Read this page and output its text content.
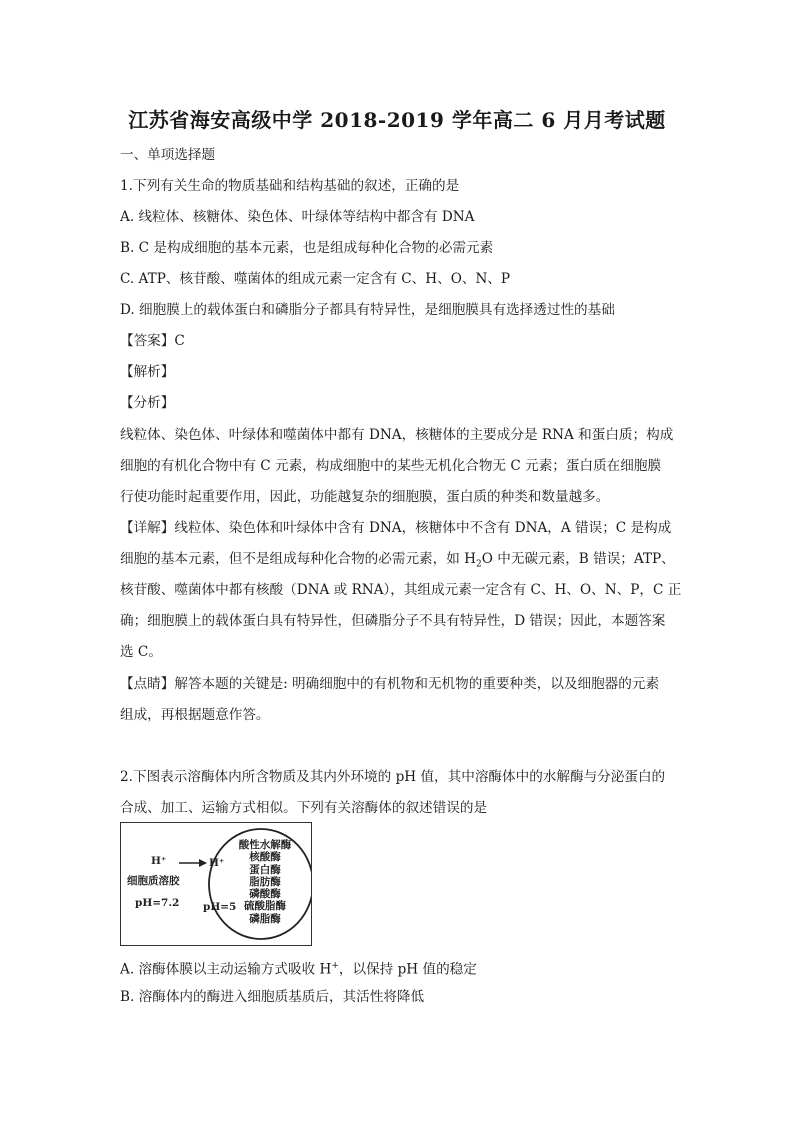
江苏省海安高级中学 2018-2019 学年高二 6 月月考试题
一、单项选择题
1.下列有关生命的物质基础和结构基础的叙述，正确的是
A. 线粒体、核糖体、染色体、叶绿体等结构中都含有 DNA
B. C 是构成细胞的基本元素，也是组成每种化合物的必需元素
C. ATP、核苷酸、噬菌体的组成元素一定含有 C、H、O、N、P
D. 细胞膜上的载体蛋白和磷脂分子都具有特异性，是细胞膜具有选择透过性的基础
【答案】C
【解析】
【分析】
线粒体、染色体、叶绿体和噬菌体中都有 DNA，核糖体的主要成分是 RNA 和蛋白质；构成
细胞的有机化合物中有 C 元素，构成细胞中的某些无机化合物无 C 元素；蛋白质在细胞膜
行使功能时起重要作用，因此，功能越复杂的细胞膜，蛋白质的种类和数量越多。
【详解】线粒体、染色体和叶绿体中含有 DNA，核糖体中不含有 DNA，A 错误；C 是构成
细胞的基本元素，但不是组成每种化合物的必需元素，如 $H_2O$ 中无碳元素，B 错误；ATP、
核苷酸、噬菌体中都有核酸（DNA 或 RNA），其组成元素一定含有 C、H、O、N、P，C 正
确；细胞膜上的载体蛋白具有特异性，但磷脂分子不具有特异性，D 错误；因此，本题答案
选 C。
【点睛】解答本题的关键是: 明确细胞中的有机物和无机物的重要种类，以及细胞器的元素
组成，再根据题意作答。
2.下图表示溶酶体内所含物质及其内外环境的 pH 值，其中溶酶体中的水解酶与分泌蛋白的
合成、加工、运输方式相似。下列有关溶酶体的叙述错误的是
H⁺
细胞质溶胶
pH=7.2
H⁺
pH=5
酸性水解酶
核酸酶
蛋白酶
脂肪酶
磷酸酶
硫酸脂酶
磷脂酶
A. 溶酶体膜以主动运输方式吸收 H+，以保持 pH 值的稳定
B. 溶酶体内的酶进入细胞质基质后，其活性将降低
